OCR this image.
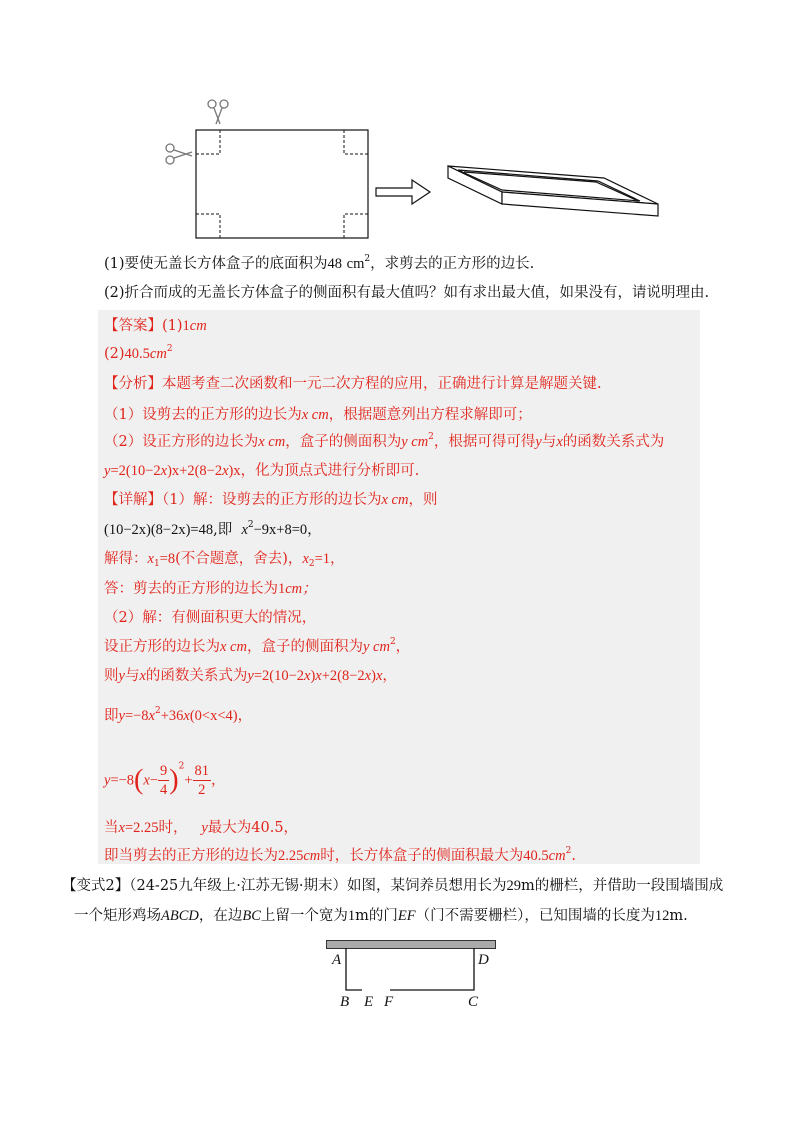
(1)要使无盖长方体盒子的底面积为48 $cm^2$，求剪去的正方形的边长.
(2)折合而成的无盖长方体盒子的侧面积有最大值吗？如有求出最大值，如果没有，请说明理由.
【答案】(1)1cm
$(2)40.5cm^2$
【分析】本题考查二次函数和一元二次方程的应用，正确进行计算是解题关键.
（1）设剪去的正方形的边长为x cm，根据题意列出方程求解即可；
（2）设正方形的边长为x cm，盒子的侧面积为y $cm^2$，根据可得可得y与x的函数关系式为
y=2(10−2x)x+2(8−2x)x，化为顶点式进行分析即可.
【详解】（1）解：设剪去的正方形的边长为x cm，则
(10−2x)(8−2x)=48,即 $x^2-9x+8=0$，
解得：$x_1=8$(不合题意，舍去)，$x_2=1$，
答：剪去的正方形的边长为1cm；
（2）解：有侧面积更大的情况，
设正方形的边长为x cm，盒子的侧面积为y $cm^2$，
则y与x的函数关系式为y=2(10−2x)x+2(8−2x)x，
即$y=-8x^2+36x(0<x<4)$，
$y=-8(x- \frac{9}{4} )^2+ \frac{81}{2}$ ，
当x=2.25时， y最大为40.5，
即当剪去的正方形的边长为2.25cm时，长方体盒子的侧面积最大为$40.5cm^2$.
【变式2】（24-25九年级上·江苏无锡·期末）如图，某饲养员想用长为29m的栅栏，并借助一段围墙围成
一个矩形鸡场ABCD，在边BC上留一个宽为1m的门EF（门不需要栅栏），已知围墙的长度为12m.
A	D
B E F	C
